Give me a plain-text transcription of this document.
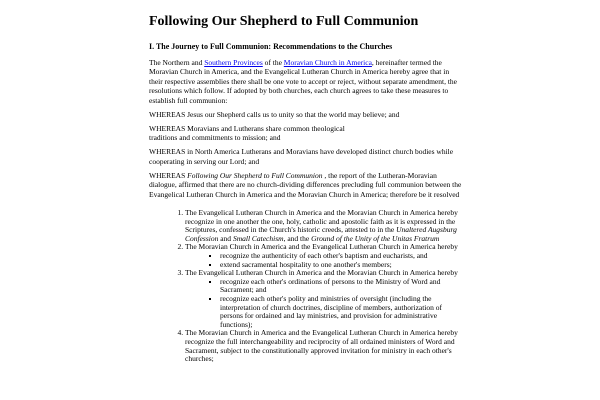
Following Our Shepherd to Full Communion
I. The Journey to Full Communion: Recommendations to the Churches

The Northern and Southern Provinces of the Moravian Church in America, hereinafter termed the Moravian Church in America, and the Evangelical Lutheran Church in America hereby agree that in their respective assemblies there shall be one vote to accept or reject, without separate amendment, the resolutions which follow. If adopted by both churches, each church agrees to take these measures to establish full communion:

WHEREAS Jesus our Shepherd calls us to unity so that the world may believe; and

WHEREAS Moravians and Lutherans share common theological
traditions and commitments to mission; and

WHEREAS in North America Lutherans and Moravians have developed distinct church bodies while cooperating in serving our Lord; and

WHEREAS Following Our Shepherd to Full Communion , the report of the Lutheran-Moravian dialogue, affirmed that there are no church-dividing differences precluding full communion between the Evangelical Lutheran Church in America and the Moravian Church in America; therefore be it resolved

1. The Evangelical Lutheran Church in America and the Moravian Church in America hereby recognize in one another the one, holy, catholic and apostolic faith as it is expressed in the Scriptures, confessed in the Church's historic creeds, attested to in the Unaltered Augsburg Confession and Small Catechism, and the Ground of the Unity of the Unitas Fratrum
2. The Moravian Church in America and the Evangelical Lutheran Church in America hereby
▪ recognize the authenticity of each other's baptism and eucharists, and
▪ extend sacramental hospitality to one another's members;
3. The Evangelical Lutheran Church in America and the Moravian Church in America hereby
▪ recognize each other's ordinations of persons to the Ministry of Word and Sacrament; and
▪ recognize each other's polity and ministries of oversight (including the interpretation of church doctrines, discipline of members, authorization of persons for ordained and lay ministries, and provision for administrative functions);
4. The Moravian Church in America and the Evangelical Lutheran Church in America hereby recognize the full interchangeability and reciprocity of all ordained ministers of Word and Sacrament, subject to the constitutionally approved invitation for ministry in each other's churches;
